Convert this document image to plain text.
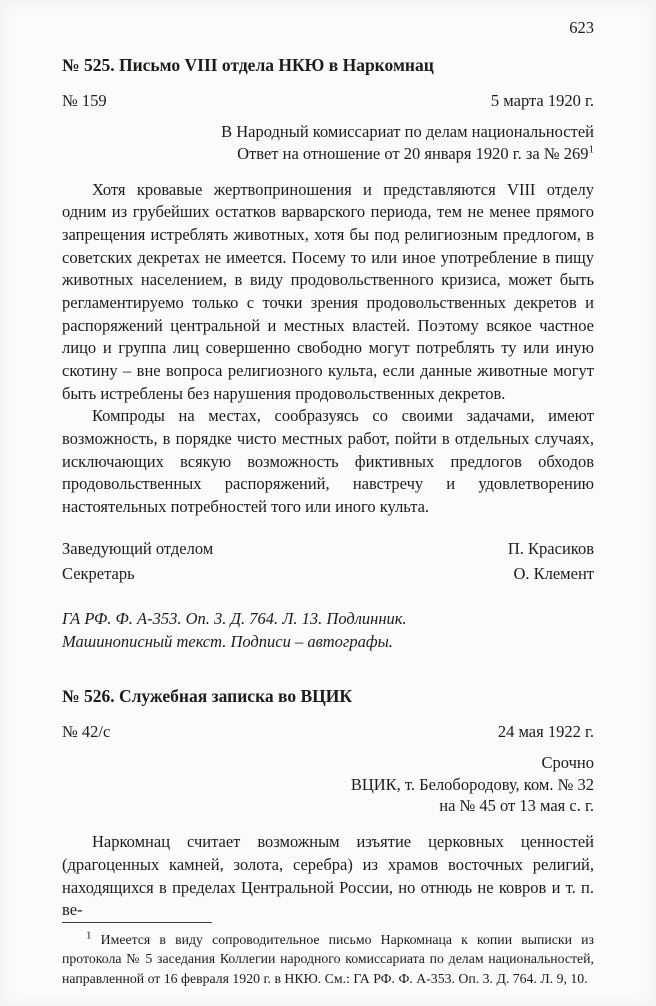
623
№ 525. Письмо VIII отдела НКЮ в Наркомнац
№ 159	5 марта 1920 г.
В Народный комиссариат по делам национальностей
Ответ на отношение от 20 января 1920 г. за № $269^1$

Хотя кровавые жертвоприношения и представляются VIII отделу одним из грубейших остатков варварского периода, тем не менее прямого запрещения истреблять животных, хотя бы под религиозным предлогом, в советских декретах не имеется. Посему то или иное употребление в пищу животных населением, в виду продовольственного кризиса, может быть регламентируемо только с точки зрения продовольственных декретов и распоряжений центральной и местных властей. Поэтому всякое частное лицо и группа лиц совершенно свободно могут потреблять ту или иную скотину – вне вопроса религиозного культа, если данные животные могут быть истреблены без нарушения продовольственных декретов.

Компроды на местах, сообразуясь со своими задачами, имеют возможность, в порядке чисто местных работ, пойти в отдельных случаях, исключающих всякую возможность фиктивных предлогов обходов продовольственных распоряжений, навстречу и удовлетворению настоятельных потребностей того или иного культа.

Заведующий отделом	П. Красиков
Секретарь	О. Клемент
ГА РФ. Ф. А-353. Оп. 3. Д. 764. Л. 13. Подлинник.
Машинописный текст. Подписи – автографы.
№ 526. Служебная записка во ВЦИК
№ 42/с	24 мая 1922 г.
Срочно
ВЦИК, т. Белобородову, ком. № 32
на № 45 от 13 мая с. г.

Наркомнац считает возможным изъятие церковных ценностей (драгоценных камней, золота, серебра) из храмов восточных религий, находящихся в пределах Центральной России, но отнюдь не ковров и т. п. ве-

$^1$ Имеется в виду сопроводительное письмо Наркомнаца к копии выписки из протокола № 5 заседания Коллегии народного комиссариата по делам национальностей, направленной от 16 февраля 1920 г. в НКЮ. См.: ГА РФ. Ф. А-353. Оп. 3. Д. 764. Л. 9, 10.
